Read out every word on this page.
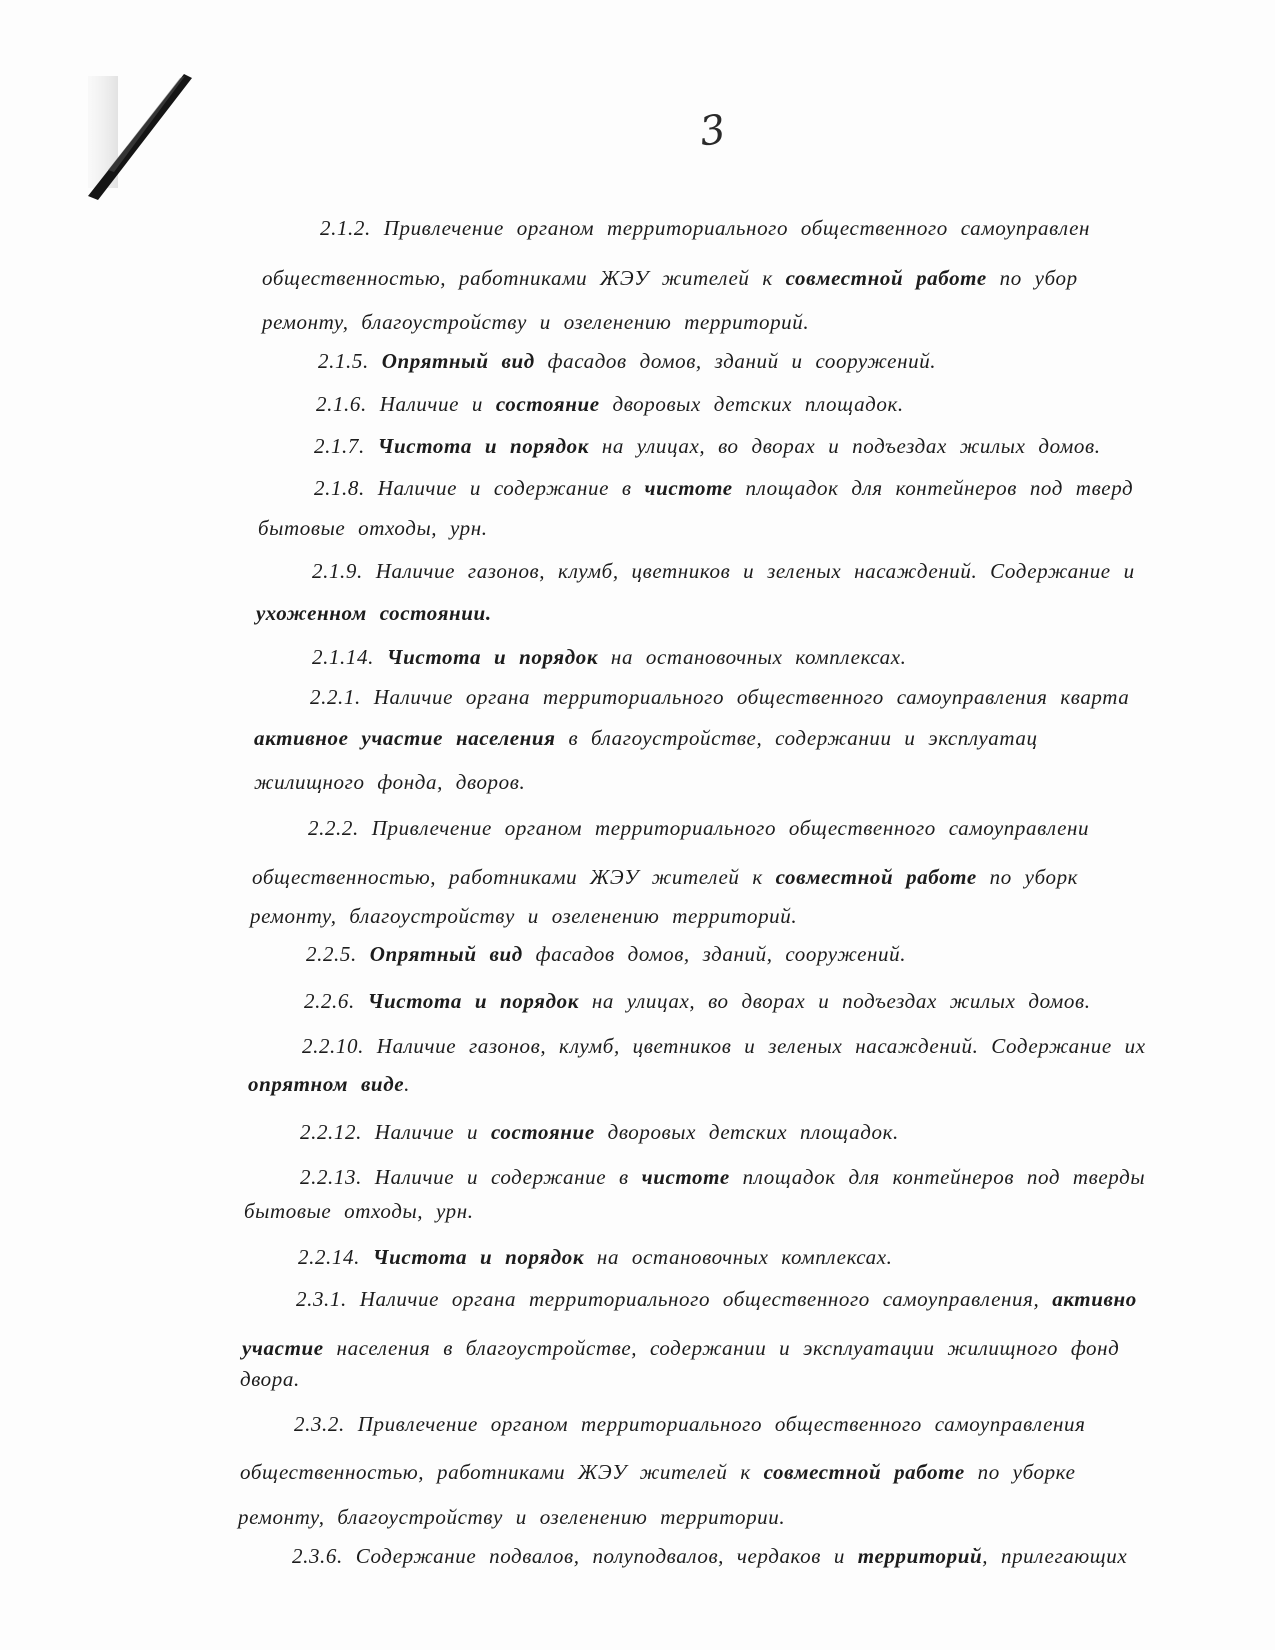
3
2.1.2. Привлечение органом территориального общественного самоуправлен
общественностью, работниками ЖЭУ жителей к совместной работе по убор
ремонту, благоустройству и озеленению территорий.
2.1.5. Опрятный вид фасадов домов, зданий и сооружений.
2.1.6. Наличие и состояние дворовых детских площадок.
2.1.7. Чистота и порядок на улицах, во дворах и подъездах жилых домов.
2.1.8. Наличие и содержание в чистоте площадок для контейнеров под тверд
бытовые отходы, урн.
2.1.9. Наличие газонов, клумб, цветников и зеленых насаждений. Содержание и
ухоженном состоянии.
2.1.14. Чистота и порядок на остановочных комплексах.
2.2.1. Наличие органа территориального общественного самоуправления кварта
активное участие населения в благоустройстве, содержании и эксплуатац
жилищного фонда, дворов.
2.2.2. Привлечение органом территориального общественного самоуправлени
общественностью, работниками ЖЭУ жителей к совместной работе по уборк
ремонту, благоустройству и озеленению территорий.
2.2.5. Опрятный вид фасадов домов, зданий, сооружений.
2.2.6. Чистота и порядок на улицах, во дворах и подъездах жилых домов.
2.2.10. Наличие газонов, клумб, цветников и зеленых насаждений. Содержание их
опрятном виде.
2.2.12. Наличие и состояние дворовых детских площадок.
2.2.13. Наличие и содержание в чистоте площадок для контейнеров под тверды
бытовые отходы, урн.
2.2.14. Чистота и порядок на остановочных комплексах.
2.3.1. Наличие органа территориального общественного самоуправления, активно
участие населения в благоустройстве, содержании и эксплуатации жилищного фонд
двора.
2.3.2. Привлечение органом территориального общественного самоуправления
общественностью, работниками ЖЭУ жителей к совместной работе по уборке
ремонту, благоустройству и озеленению территории.
2.3.6. Содержание подвалов, полуподвалов, чердаков и территорий, прилегающих
